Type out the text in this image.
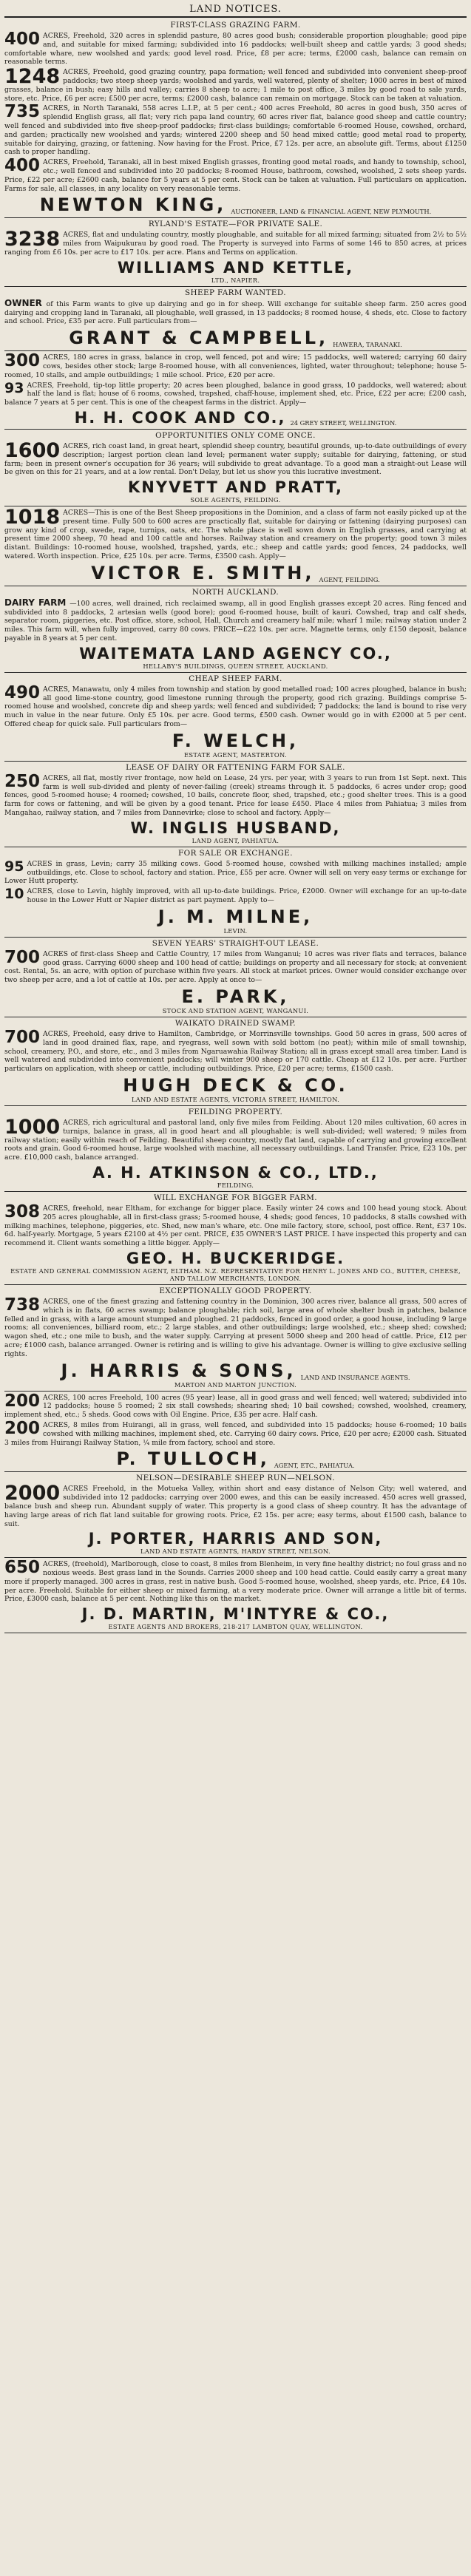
LAND NOTICES.
FIRST-CLASS GRAZING FARM.
400 ACRES, Freehold, 320 acres in splendid pasture, 80 acres good bush; considerable proportion ploughable; good pipe and, and suitable for mixed farming; subdivided into 16 paddocks; well-built sheep and cattle yards; 3 good sheds; comfortable whare, new woolshed and yards; good level road. Price, £8 per acre; terms, £2000 cash, balance can remain on reasonable terms.
1248 ACRES, Freehold, good grazing country, papa formation; well fenced and subdivided into convenient sheep-proof paddocks; two steep sheep yards; woolshed and yards, well watered, plenty of shelter; 1000 acres in best of mixed grasses, balance in bush; easy hills and valley; carries 8 sheep to acre; 1 mile to post office, 3 miles by good road to sale yards, store, etc. Price, £6 per acre; £500 per acre, terms; £2000 cash, balance can remain on mortgage. Stock can be taken at valuation.
735 ACRES, in North Taranaki, 558 acres L.I.P., at 5 per cent.; 400 acres Freehold, 80 acres in good bush, 350 acres of splendid English grass, all flat; very rich papa land country, 60 acres river flat, balance good sheep and cattle country; well fenced and subdivided into five sheep-proof paddocks; first-class buildings; comfortable 6-roomed House, cowshed, orchard, and garden; practically new woolshed and yards; wintered 2200 sheep and 50 head mixed cattle; good metal road to property, suitable for dairying, grazing, or fattening. Now having for the Frost. Price, £7 12s. per acre, an absolute gift. Terms, about £1250 cash to proper handling.
400 ACRES, Freehold, Taranaki, all in best mixed English grasses, fronting good metal roads, and handy to township, school, etc.; well fenced and subdivided into 20 paddocks; 8-roomed House, bathroom, cowshed, woolshed, 2 sets sheep yards. Price, £22 per acre; £2600 cash, balance for 5 years at 5 per cent. Stock can be taken at valuation. Full particulars on application. Farms for sale, all classes, in any locality on very reasonable terms.
NEWTON KING, AUCTIONEER, LAND & FINANCIAL AGENT, NEW PLYMOUTH.
RYLAND'S ESTATE—FOR PRIVATE SALE.
3238 ACRES, flat and undulating country, mostly ploughable, and suitable for all mixed farming; situated from 2½ to 5½ miles from Waipukurau by good road. The Property is surveyed into Farms of some 146 to 850 acres, at prices ranging from £6 10s. per acre to £17 10s. per acre. Plans and Terms on application.
WILLIAMS AND KETTLE,
LTD., NAPIER.
SHEEP FARM WANTED.
OWNER of this Farm wants to give up dairying and go in for sheep. Will exchange for suitable sheep farm. 250 acres good dairying and cropping land in Taranaki, all ploughable, well grassed, in 13 paddocks; 8 roomed house, 4 sheds, etc. Close to factory and school. Price, £35 per acre. Full particulars from—
GRANT & CAMPBELL, HAWERA, TARANAKI.
300 ACRES, 180 acres in grass, balance in crop, well fenced, pot and wire; 15 paddocks, well watered; carrying 60 dairy cows, besides other stock; large 8-roomed house, with all conveniences, lighted, water throughout; telephone; house 5-roomed, 10 stalls, and ample outbuildings; 1 mile school. Price, £20 per acre.
93 ACRES, Freehold, tip-top little property; 20 acres been ploughed, balance in good grass, 10 paddocks, well watered; about half the land is flat; house of 6 rooms, cowshed, trapshed, chaff-house, implement shed, etc. Price, £22 per acre; £200 cash, balance 7 years at 5 per cent. This is one of the cheapest farms in the district. Apply—
H. H. COOK AND CO., 24 GREY STREET, WELLINGTON.
OPPORTUNITIES ONLY COME ONCE.
1600 ACRES, rich coast land, in great heart, splendid sheep country, beautiful grounds, up-to-date outbuildings of every description; largest portion clean land level; permanent water supply; suitable for dairying, fattening, or stud farm; been in present owner's occupation for 36 years; will subdivide to great advantage. To a good man a straight-out Lease will be given on this for 21 years, and at a low rental. Don't Delay, but let us show you this lucrative investment.
KNYVETT AND PRATT,
SOLE AGENTS, FEILDING.
1018 ACRES—This is one of the Best Sheep propositions in the Dominion, and a class of farm not easily picked up at the present time. Fully 500 to 600 acres are practically flat, suitable for dairying or fattening (dairying purposes) can grow any kind of crop, swede, rape, turnips, oats, etc. The whole place is well sown down in English grasses, and carrying at present time 2000 sheep, 70 head and 100 cattle and horses. Railway station and creamery on the property; good town 3 miles distant. Buildings: 10-roomed house, woolshed, trapshed, yards, etc.; sheep and cattle yards; good fences, 24 paddocks, well watered. Worth inspection. Price, £25 10s. per acre. Terms, £3500 cash. Apply—
VICTOR E. SMITH, AGENT, FEILDING.
NORTH AUCKLAND.
DAIRY FARM —100 acres, well drained, rich reclaimed swamp, all in good English grasses except 20 acres. Ring fenced and subdivided into 8 paddocks, 2 artesian wells (good bore); good 6-roomed house, built of kauri. Cowshed, trap and calf sheds, separator room, piggeries, etc. Post office, store, school, Hall, Church and creamery half mile; wharf 1 mile; railway station under 2 miles. This farm will, when fully improved, carry 80 cows. PRICE—£22 10s. per acre. Magnette terms, only £150 deposit, balance payable in 8 years at 5 per cent.
WAITEMATA LAND AGENCY CO.,
HELLABY'S BUILDINGS, QUEEN STREET, AUCKLAND.
CHEAP SHEEP FARM.
490 ACRES, Manawatu, only 4 miles from township and station by good metalled road; 100 acres ploughed, balance in bush; all good lime-stone country, good limestone running through the property, good rich grazing. Buildings comprise 5-roomed house and woolshed, concrete dip and sheep yards; well fenced and subdivided; 7 paddocks; the land is bound to rise very much in value in the near future. Only £5 10s. per acre. Good terms, £500 cash. Owner would go in with £2000 at 5 per cent. Offered cheap for quick sale. Full particulars from—
F. WELCH,
ESTATE AGENT, MASTERTON.
LEASE OF DAIRY OR FATTENING FARM FOR SALE.
250 ACRES, all flat, mostly river frontage, now held on Lease, 24 yrs. per year, with 3 years to run from 1st Sept. next. This farm is well sub-divided and plenty of never-failing (creek) streams through it. 5 paddocks, 6 acres under crop; good fences, good 5-roomed house; 4 roomed; cowshed, 10 bails, concrete floor, shed, trapshed, etc.; good shelter trees. This is a good farm for cows or fattening, and will be given by a good tenant. Price for lease £450. Place 4 miles from Pahiatua; 3 miles from Mangahao, railway station, and 7 miles from Dannevirke; close to school and factory. Apply—
W. INGLIS HUSBAND,
LAND AGENT, PAHIATUA.
FOR SALE OR EXCHANGE.
95 ACRES in grass, Levin; carry 35 milking cows. Good 5-roomed house, cowshed with milking machines installed; ample outbuildings, etc. Close to school, factory and station. Price, £55 per acre. Owner will sell on very easy terms or exchange for Lower Hutt property.
10 ACRES, close to Levin, highly improved, with all up-to-date buildings. Price, £2000. Owner will exchange for an up-to-date house in the Lower Hutt or Napier district as part payment. Apply to—
J. M. MILNE,
LEVIN.
SEVEN YEARS' STRAIGHT-OUT LEASE.
700 ACRES of first-class Sheep and Cattle Country, 17 miles from Wanganui; 10 acres was river flats and terraces, balance good grass. Carrying 6000 sheep and 100 head of cattle; buildings on property and all necessary for stock; at convenient cost. Rental, 5s. an acre, with option of purchase within five years. All stock at market prices. Owner would consider exchange over two sheep per acre, and a lot of cattle at 10s. per acre. Apply at once to—
E. PARK,
STOCK AND STATION AGENT, WANGANUI.
WAIKATO DRAINED SWAMP.
700 ACRES, Freehold, easy drive to Hamilton, Cambridge, or Morrinsville townships. Good 50 acres in grass, 500 acres of land in good drained flax, rape, and ryegrass, well sown with sold bottom (no peat); within mile of small township, school, creamery, P.O., and store, etc., and 3 miles from Ngaruawahia Railway Station; all in grass except small area timber. Land is well watered and subdivided into convenient paddocks; will winter 900 sheep or 170 cattle. Cheap at £12 10s. per acre. Further particulars on application, with sheep or cattle, including outbuildings. Price, £20 per acre; terms, £1500 cash.
HUGH DECK & CO.
LAND AND ESTATE AGENTS, VICTORIA STREET, HAMILTON.
FEILDING PROPERTY.
1000 ACRES, rich agricultural and pastoral land, only five miles from Feilding. About 120 miles cultivation, 60 acres in turnips, balance in grass, all in good heart and all ploughable; is well sub-divided; well watered; 9 miles from railway station; easily within reach of Feilding. Beautiful sheep country, mostly flat land, capable of carrying and growing excellent roots and grain. Good 6-roomed house, large woolshed with machine, all necessary outbuildings. Land Transfer. Price, £23 10s. per acre. £10,000 cash, balance arranged.
A. H. ATKINSON & CO., LTD.,
FEILDING.
WILL EXCHANGE FOR BIGGER FARM.
308 ACRES, freehold, near Eltham, for exchange for bigger place. Easily winter 24 cows and 100 head young stock. About 205 acres ploughable, all in first-class grass; 5-roomed house, 4 sheds; good fences, 10 paddocks, 8 stalls cowshed with milking machines, telephone, piggeries, etc. Shed, new man's whare, etc. One mile factory, store, school, post office. Rent, £37 10s. 6d. half-yearly. Mortgage, 5 years £2100 at 4½ per cent. PRICE, £35 OWNER'S LAST PRICE. I have inspected this property and can recommend it. Client wants something a little bigger. Apply—
GEO. H. BUCKERIDGE.
ESTATE AND GENERAL COMMISSION AGENT, ELTHAM. N.Z. REPRESENTATIVE FOR HENRY L. JONES AND CO., BUTTER, CHEESE, AND TALLOW MERCHANTS, LONDON.
EXCEPTIONALLY GOOD PROPERTY.
738 ACRES, one of the finest grazing and fattening country in the Dominion, 300 acres river, balance all grass, 500 acres of which is in flats, 60 acres swamp; balance ploughable; rich soil, large area of whole shelter bush in patches, balance felled and in grass, with a large amount stumped and ploughed. 21 paddocks, fenced in good order, a good house, including 9 large rooms; all conveniences, billiard room, etc.; 2 large stables, and other outbuildings; large woolshed, etc.; sheep shed; cowshed; wagon shed, etc.; one mile to bush, and the water supply. Carrying at present 5000 sheep and 200 head of cattle. Price, £12 per acre; £1000 cash, balance arranged. Owner is retiring and is willing to give his advantage. Owner is willing to give exclusive selling rights.
J. HARRIS & SONS, LAND AND INSURANCE AGENTS.
MARTON AND MARTON JUNCTION.
200 ACRES, 100 acres Freehold, 100 acres (95 year) lease, all in good grass and well fenced; well watered; subdivided into 12 paddocks; house 5 roomed; 2 six stall cowsheds; shearing shed; 10 bail cowshed; cowshed, woolshed, creamery, implement shed, etc.; 5 sheds. Good cows with Oil Engine. Price, £35 per acre. Half cash.
200 ACRES, 8 miles from Huirangi, all in grass, well fenced, and subdivided into 15 paddocks; house 6-roomed; 10 bails cowshed with milking machines, implement shed, etc. Carrying 60 dairy cows. Price, £20 per acre; £2000 cash. Situated 3 miles from Huirangi Railway Station, ¼ mile from factory, school and store.
P. TULLOCH, AGENT, ETC., PAHIATUA.
NELSON—DESIRABLE SHEEP RUN—NELSON.
2000 ACRES Freehold, in the Motueka Valley, within short and easy distance of Nelson City; well watered, and subdivided into 12 paddocks; carrying over 2000 ewes, and this can be easily increased. 450 acres well grassed, balance bush and sheep run. Abundant supply of water. This property is a good class of sheep country. It has the advantage of having large areas of rich flat land suitable for growing roots. Price, £2 15s. per acre; easy terms, about £1500 cash, balance to suit.
J. PORTER, HARRIS AND SON,
LAND AND ESTATE AGENTS, HARDY STREET, NELSON.
650 ACRES, (freehold), Marlborough, close to coast, 8 miles from Blenheim, in very fine healthy district; no foul grass and no noxious weeds. Best grass land in the Sounds. Carries 2000 sheep and 100 head cattle. Could easily carry a great many more if properly managed. 300 acres in grass, rest in native bush. Good 5-roomed house, woolshed, sheep yards, etc. Price, £4 10s. per acre. Freehold. Suitable for either sheep or mixed farming, at a very moderate price. Owner will arrange a little bit of terms. Price, £3000 cash, balance at 5 per cent. Nothing like this on the market.
J. D. MARTIN, M'INTYRE & CO.,
ESTATE AGENTS AND BROKERS, 218-217 LAMBTON QUAY, WELLINGTON.
